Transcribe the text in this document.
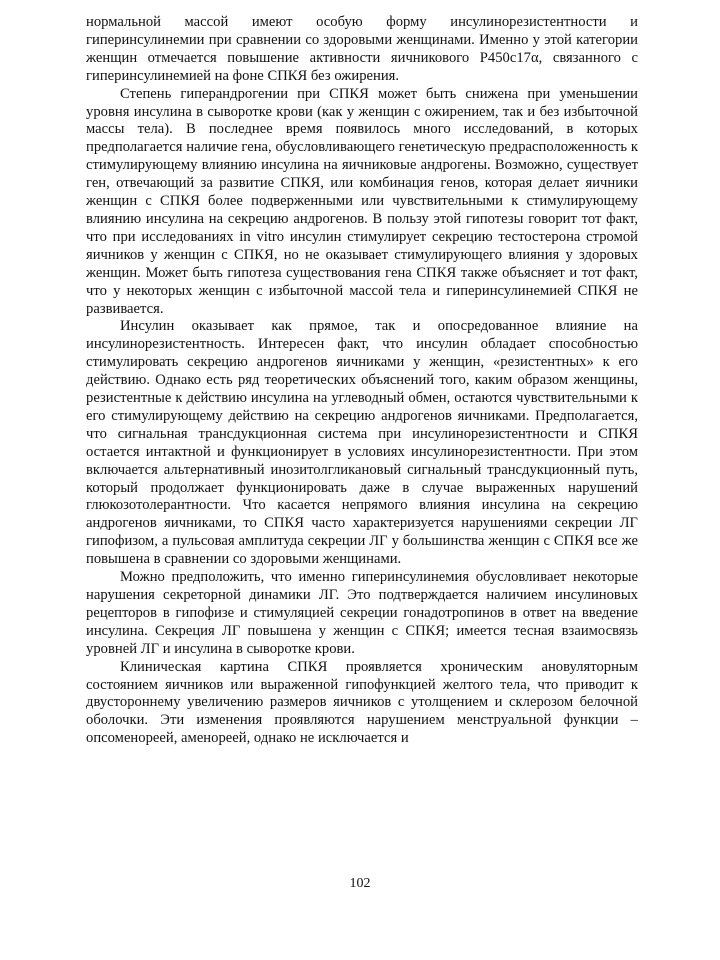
нормальной массой имеют особую форму инсулинорезистентности и гиперинсулинемии при сравнении со здоровыми женщинами. Именно у этой категории женщин отмечается повышение активности яичникового P450c17α, связанного с гиперинсулинемией на фоне СПКЯ без ожирения.

Степень гиперандрогении при СПКЯ может быть снижена при уменьшении уровня инсулина в сыворотке крови (как у женщин с ожирением, так и без избыточной массы тела). В последнее время появилось много исследований, в которых предполагается наличие гена, обусловливающего генетическую предрасположенность к стимулирующему влиянию инсулина на яичниковые андрогены. Возможно, существует ген, отвечающий за развитие СПКЯ, или комбинация генов, которая делает яичники женщин с СПКЯ более подверженными или чувствительными к стимулирующему влиянию инсулина на секрецию андрогенов. В пользу этой гипотезы говорит тот факт, что при исследованиях in vitro инсулин стимулирует секрецию тестостерона стромой яичников у женщин с СПКЯ, но не оказывает стимулирующего влияния у здоровых женщин. Может быть гипотеза существования гена СПКЯ также объясняет и тот факт, что у некоторых женщин с избыточной массой тела и гиперинсулинемией СПКЯ не развивается.

Инсулин оказывает как прямое, так и опосредованное влияние на инсулинорезистентность. Интересен факт, что инсулин обладает способностью стимулировать секрецию андрогенов яичниками у женщин, «резистентных» к его действию. Однако есть ряд теоретических объяснений того, каким образом женщины, резистентные к действию инсулина на углеводный обмен, остаются чувствительными к его стимулирующему действию на секрецию андрогенов яичниками. Предполагается, что сигнальная трансдукционная система при инсулинорезистентности и СПКЯ остается интактной и функционирует в условиях инсулинорезистентности. При этом включается альтернативный инозитолгликановый сигнальный трансдукционный путь, который продолжает функционировать даже в случае выраженных нарушений глюкозотолерантности. Что касается непрямого влияния инсулина на секрецию андрогенов яичниками, то СПКЯ часто характеризуется нарушениями секреции ЛГ гипофизом, а пульсовая амплитуда секреции ЛГ у большинства женщин с СПКЯ все же повышена в сравнении со здоровыми женщинами.

Можно предположить, что именно гиперинсулинемия обусловливает некоторые нарушения секреторной динамики ЛГ. Это подтверждается наличием инсулиновых рецепторов в гипофизе и стимуляцией секреции гонадотропинов в ответ на введение инсулина. Секреция ЛГ повышена у женщин с СПКЯ; имеется тесная взаимосвязь уровней ЛГ и инсулина в сыворотке крови.

Клиническая картина СПКЯ проявляется хроническим ановуляторным состоянием яичников или выраженной гипофункцией желтого тела, что приводит к двустороннему увеличению размеров яичников с утолщением и склерозом белочной оболочки. Эти изменения проявляются нарушением менструальной функции – опсоменореей, аменореей, однако не исключается и

102
